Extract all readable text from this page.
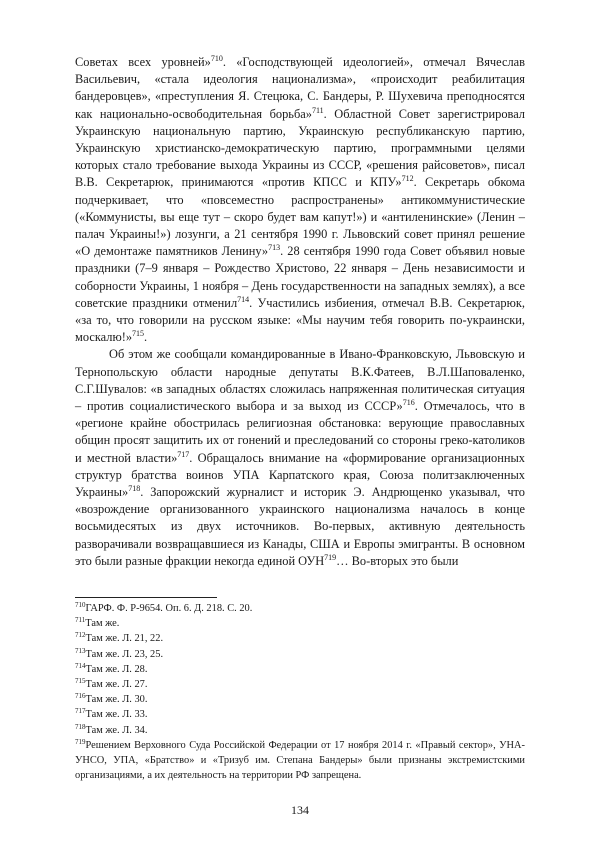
Советах всех уровней»$^{710}$. «Господствующей идеологией», отмечал Вячеслав Васильевич, «стала идеология национализма», «происходит реабилитация бандеровцев», «преступления Я. Стецюка, С. Бандеры, Р. Шухевича преподносятся как национально-освободительная борьба»$^{711}$. Областной Совет зарегистрировал Украинскую национальную партию, Украинскую республиканскую партию, Украинскую христианско-демократическую партию, программными целями которых стало требование выхода Украины из СССР, «решения райсоветов», писал В.В. Секретарюк, принимаются «против КПСС и КПУ»$^{712}$. Секретарь обкома подчеркивает, что «повсеместно распространены» антикоммунистические («Коммунисты, вы еще тут – скоро будет вам капут!») и «антиленинские» (Ленин – палач Украины!») лозунги, а 21 сентября 1990 г. Львовский совет принял решение «О демонтаже памятников Ленину»$^{713}$. 28 сентября 1990 года Совет объявил новые праздники (7–9 января – Рождество Христово, 22 января – День независимости и соборности Украины, 1 ноября – День государственности на западных землях), а все советские праздники отменил$^{714}$. Участились избиения, отмечал В.В. Секретарюк, «за то, что говорили на русском языке: «Мы научим тебя говорить по-украински, москалю!»$^{715}$.

Об этом же сообщали командированные в Ивано-Франковскую, Львовскую и Тернопольскую области народные депутаты В.К.Фатеев, В.Л.Шаповаленко, С.Г.Шувалов: «в западных областях сложилась напряженная политическая ситуация – против социалистического выбора и за выход из СССР»$^{716}$. Отмечалось, что в «регионе крайне обострилась религиозная обстановка: верующие православных общин просят защитить их от гонений и преследований со стороны греко-католиков и местной власти»$^{717}$. Обращалось внимание на «формирование организационных структур братства воинов УПА Карпатского края, Союза политзаключенных Украины»$^{718}$. Запорожский журналист и историк Э. Андрющенко указывал, что «возрождение организованного украинского национализма началось в конце восьмидесятых из двух источников. Во-первых, активную деятельность разворачивали возвращавшиеся из Канады, США и Европы эмигранты. В основном это были разные фракции некогда единой ОУН$^{719}$… Во-вторых это были

$^{710}$ГАРФ. Ф. Р-9654. Оп. 6. Д. 218. С. 20.
$^{711}$Там же.
$^{712}$Там же. Л. 21, 22.
$^{713}$Там же. Л. 23, 25.
$^{714}$Там же. Л. 28.
$^{715}$Там же. Л. 27.
$^{716}$Там же. Л. 30.
$^{717}$Там же. Л. 33.
$^{718}$Там же. Л. 34.
$^{719}$Решением Верховного Суда Российской Федерации от 17 ноября 2014 г. «Правый сектор», УНА-УНСО, УПА, «Братство» и «Тризуб им. Степана Бандеры» были признаны экстремистскими организациями, а их деятельность на территории РФ запрещена.
134
